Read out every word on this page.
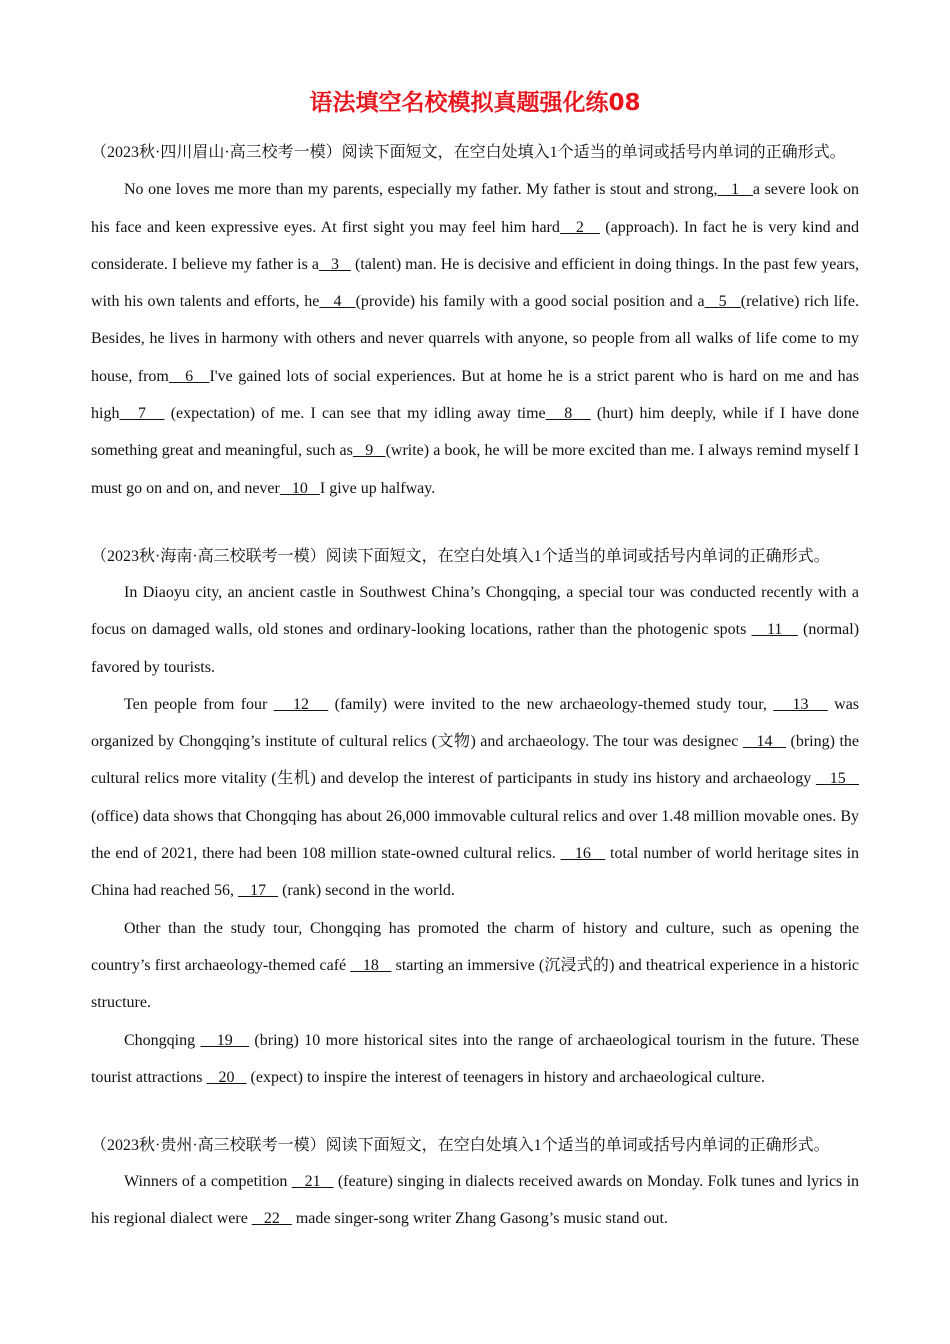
语法填空名校模拟真题强化练08

（2023秋·四川眉山·高三校考一模）阅读下面短文，在空白处填入1个适当的单词或括号内单词的正确形式。

No one loves me more than my parents, especially my father. My father is stout and strong, 1 a severe look on his face and keen expressive eyes. At first sight you may feel him hard 2    (approach). In fact he is very kind and considerate. I believe my father is a 3    (talent) man. He is decisive and efficient in doing things. In the past few years, with his own talents and efforts, he 4 (provide) his family with a good social position and a 5 (relative) rich life. Besides, he lives in harmony with others and never quarrels with anyone, so people from all walks of life come to my house, from 6 I've gained lots of social experiences. But at home he is a strict parent who is hard on me and has high 7    (expectation) of me. I can see that my idling away time 8    (hurt) him deeply, while if I have done something great and meaningful, such as 9 (write) a book, he will be more excited than me. I always remind myself I must go on and on, and never 10 I give up halfway.

（2023秋·海南·高三校联考一模）阅读下面短文，在空白处填入1个适当的单词或括号内单词的正确形式。

In Diaoyu city, an ancient castle in Southwest China’s Chongqing, a special tour was conducted recently with a focus on damaged walls, old stones and ordinary-looking locations, rather than the photogenic spots    11    (normal) favored by tourists.

Ten people from four    12    (family) were invited to the new archaeology-themed study tour,    13    was organized by Chongqing’s institute of cultural relics (文物) and archaeology. The tour was designec    14    (bring) the cultural relics more vitality (生机) and develop the interest of participants in study ins history and archaeology    15    (office) data shows that Chongqing has about 26,000 immovable cultural relics and over 1.48 million movable ones. By the end of 2021, there had been 108 million state-owned cultural relics.    16    total number of world heritage sites in China had reached 56,    17    (rank) second in the world.

Other than the study tour, Chongqing has promoted the charm of history and culture, such as opening the country’s first archaeology-themed café    18    starting an immersive (沉浸式的) and theatrical experience in a historic structure.

Chongqing    19    (bring) 10 more historical sites into the range of archaeological tourism in the future. These tourist attractions    20    (expect) to inspire the interest of teenagers in history and archaeological culture.

（2023秋·贵州·高三校联考一模）阅读下面短文，在空白处填入1个适当的单词或括号内单词的正确形式。

Winners of a competition    21    (feature) singing in dialects received awards on Monday. Folk tunes and lyrics in his regional dialect were    22    made singer-song writer Zhang Gasong’s music stand out.
